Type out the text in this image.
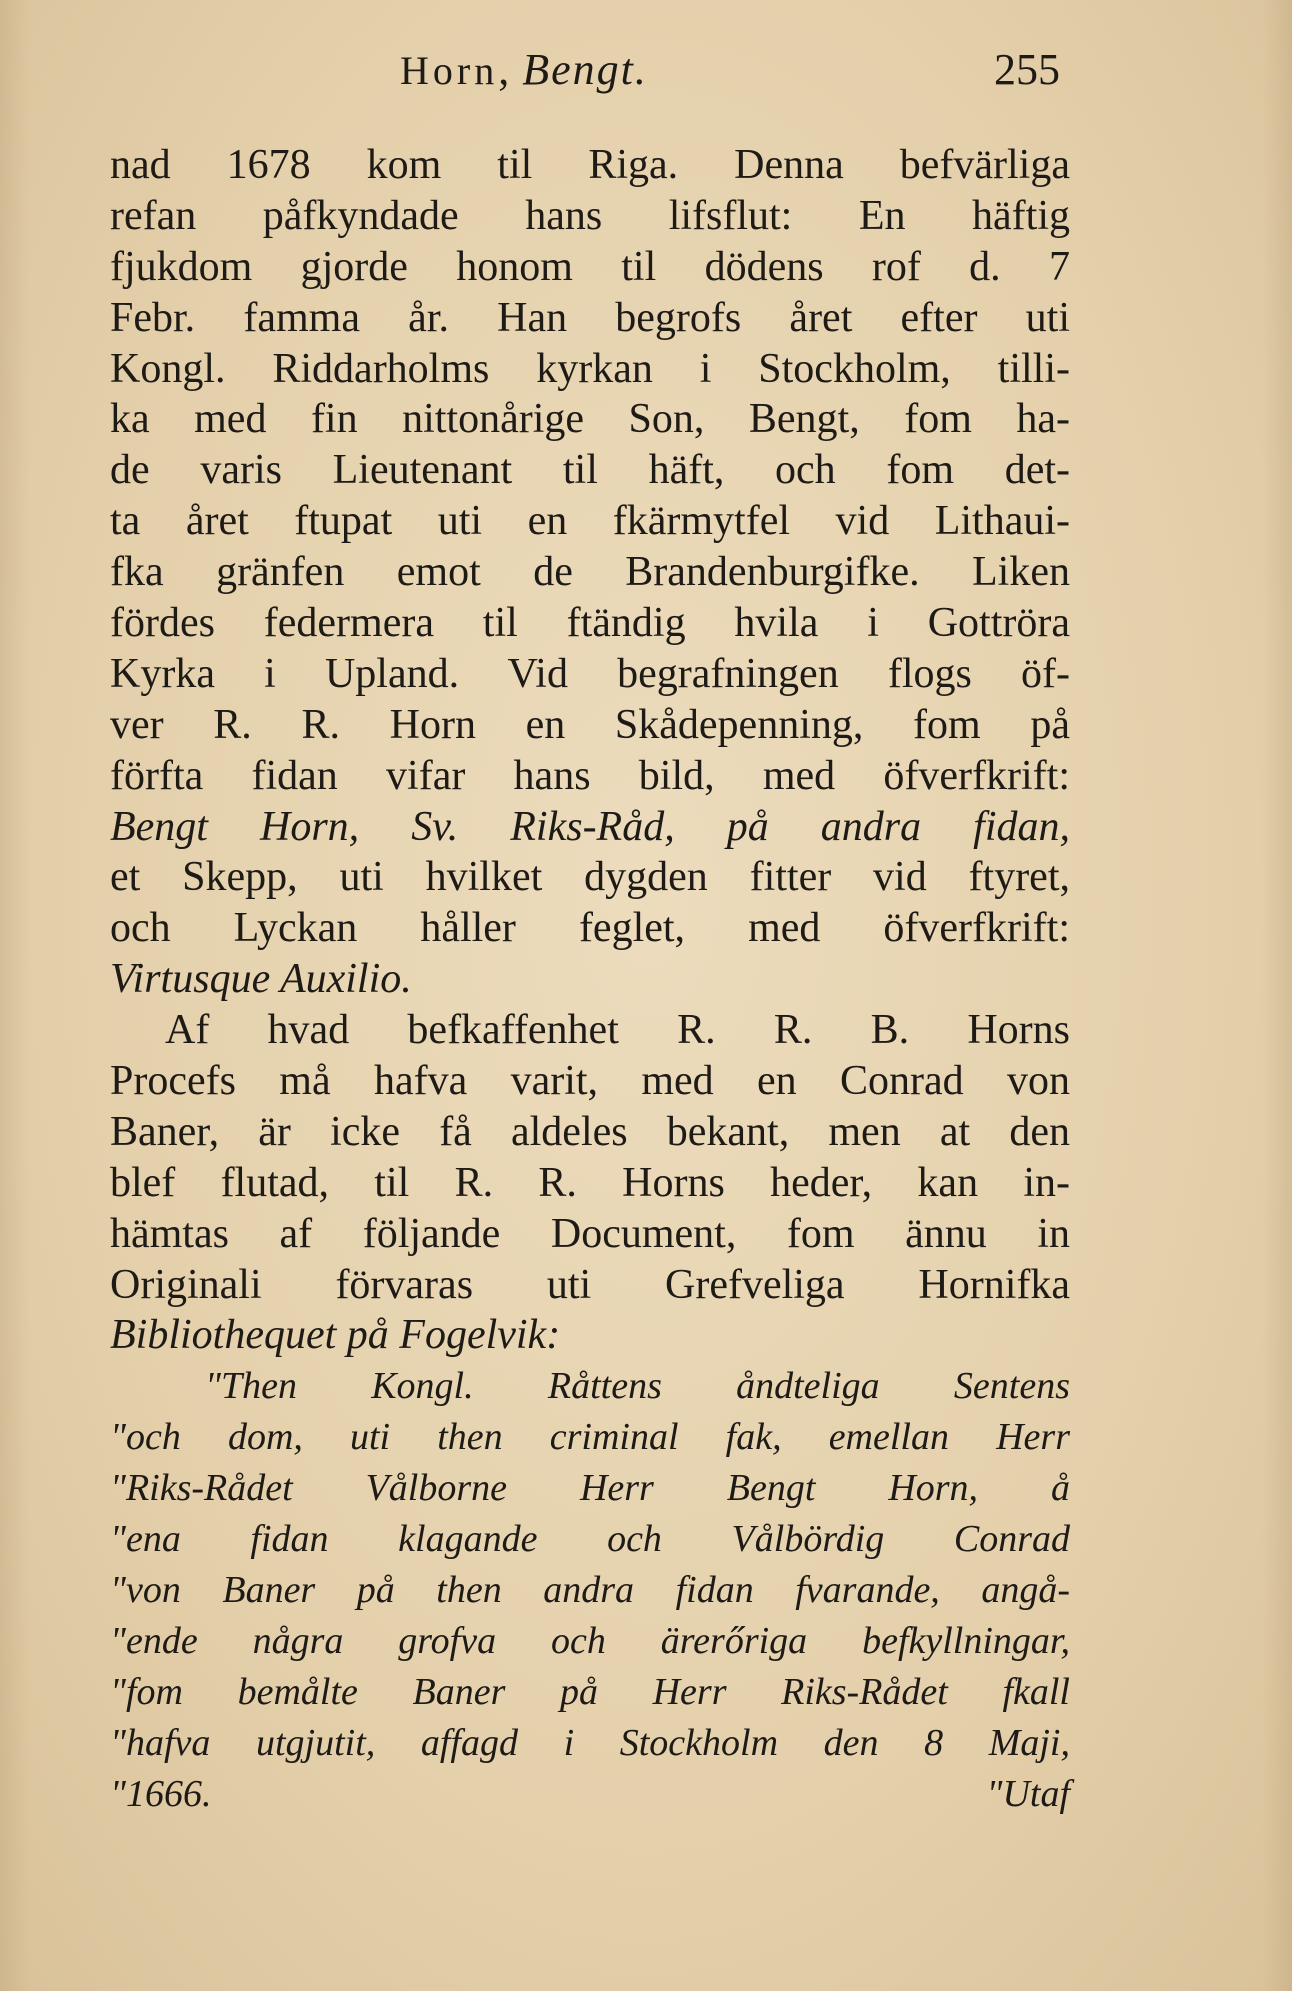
Horn, Bengt.	255
nad 1678 kom til Riga. Denna befvärliga
refan påfkyndade hans lifsflut: En häftig
fjukdom gjorde honom til dödens rof d. 7
Febr. famma år. Han begrofs året efter uti
Kongl. Riddarholms kyrkan i Stockholm, tilli-
ka med fin nittonårige Son, Bengt, fom ha-
de varis Lieutenant til häft, och fom det-
ta året ftupat uti en fkärmytfel vid Lithaui-
fka gränfen emot de Brandenburgifke. Liken
fördes federmera til ftändig hvila i Gottröra
Kyrka i Upland. Vid begrafningen flogs öf-
ver R. R. Horn en Skådepenning, fom på
förfta fidan vifar hans bild, med öfverfkrift:
Bengt Horn, Sv. Riks-Råd, på andra fidan,
et Skepp, uti hvilket dygden fitter vid ftyret,
och Lyckan håller feglet, med öfverfkrift:
Virtusque Auxilio.
Af hvad befkaffenhet R. R. B. Horns
Procefs må hafva varit, med en Conrad von
Baner, är icke få aldeles bekant, men at den
blef flutad, til R. R. Horns heder, kan in-
hämtas af följande Document, fom ännu in
Originali förvaras uti Grefveliga Hornifka
Bibliothequet på Fogelvik:
"Then Kongl. Råttens åndteliga Sentens
"och dom, uti then criminal fak, emellan Herr
"Riks-Rådet Vålborne Herr Bengt Horn, å
"ena fidan klagande och Vålbördig Conrad
"von Baner på then andra fidan fvarande, angå-
"ende några grofva och ärerőriga befkyllningar,
"fom bemålte Baner på Herr Riks-Rådet fkall
"hafva utgjutit, affagd i Stockholm den 8 Maji,
"1666.	"Utaf
